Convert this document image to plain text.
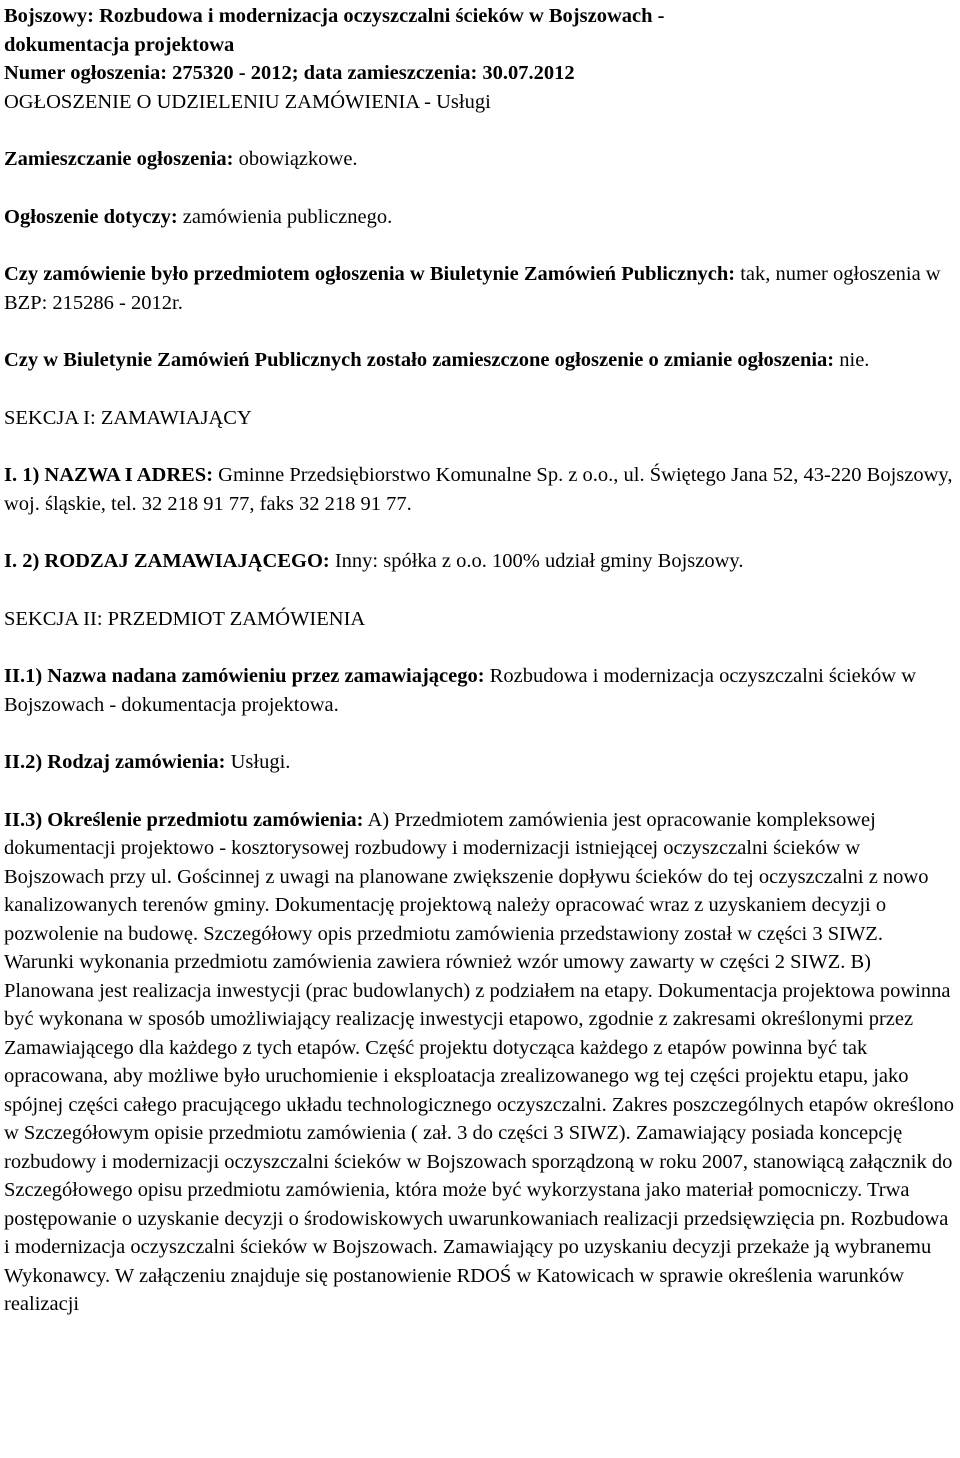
Bojszowy: Rozbudowa i modernizacja oczyszczalni ścieków w Bojszowach -
dokumentacja projektowa
Numer ogłoszenia: 275320 - 2012; data zamieszczenia: 30.07.2012
OGŁOSZENIE O UDZIELENIU ZAMÓWIENIA - Usługi

Zamieszczanie ogłoszenia: obowiązkowe.

Ogłoszenie dotyczy: zamówienia publicznego.

Czy zamówienie było przedmiotem ogłoszenia w Biuletynie Zamówień Publicznych: tak, numer ogłoszenia w BZP: 215286 - 2012r.

Czy w Biuletynie Zamówień Publicznych zostało zamieszczone ogłoszenie o zmianie ogłoszenia: nie.

SEKCJA I: ZAMAWIAJĄCY

I. 1) NAZWA I ADRES: Gminne Przedsiębiorstwo Komunalne Sp. z o.o., ul. Świętego Jana 52, 43-220 Bojszowy, woj. śląskie, tel. 32 218 91 77, faks 32 218 91 77.

I. 2) RODZAJ ZAMAWIAJĄCEGO: Inny: spółka z o.o. 100% udział gminy Bojszowy.

SEKCJA II: PRZEDMIOT ZAMÓWIENIA

II.1) Nazwa nadana zamówieniu przez zamawiającego: Rozbudowa i modernizacja oczyszczalni ścieków w Bojszowach - dokumentacja projektowa.

II.2) Rodzaj zamówienia: Usługi.

II.3) Określenie przedmiotu zamówienia: A) Przedmiotem zamówienia jest opracowanie kompleksowej dokumentacji projektowo - kosztorysowej rozbudowy i modernizacji istniejącej oczyszczalni ścieków w Bojszowach przy ul. Gościnnej z uwagi na planowane zwiększenie dopływu ścieków do tej oczyszczalni z nowo kanalizowanych terenów gminy. Dokumentację projektową należy opracować wraz z uzyskaniem decyzji o pozwolenie na budowę. Szczegółowy opis przedmiotu zamówienia przedstawiony został w części 3 SIWZ. Warunki wykonania przedmiotu zamówienia zawiera również wzór umowy zawarty w części 2 SIWZ. B) Planowana jest realizacja inwestycji (prac budowlanych) z podziałem na etapy. Dokumentacja projektowa powinna być wykonana w sposób umożliwiający realizację inwestycji etapowo, zgodnie z zakresami określonymi przez Zamawiającego dla każdego z tych etapów. Część projektu dotycząca każdego z etapów powinna być tak opracowana, aby możliwe było uruchomienie i eksploatacja zrealizowanego wg tej części projektu etapu, jako spójnej części całego pracującego układu technologicznego oczyszczalni. Zakres poszczególnych etapów określono w Szczegółowym opisie przedmiotu zamówienia ( zał. 3 do części 3 SIWZ). Zamawiający posiada koncepcję rozbudowy i modernizacji oczyszczalni ścieków w Bojszowach sporządzoną w roku 2007, stanowiącą załącznik do Szczegółowego opisu przedmiotu zamówienia, która może być wykorzystana jako materiał pomocniczy. Trwa postępowanie o uzyskanie decyzji o środowiskowych uwarunkowaniach realizacji przedsięwzięcia pn. Rozbudowa i modernizacja oczyszczalni ścieków w Bojszowach. Zamawiający po uzyskaniu decyzji przekaże ją wybranemu Wykonawcy. W załączeniu znajduje się postanowienie RDOŚ w Katowicach w sprawie określenia warunków realizacji
